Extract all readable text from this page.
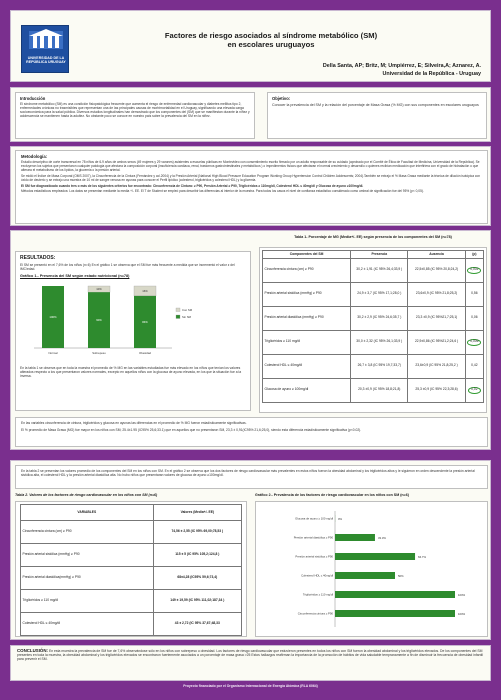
UNIVERSIDAD DE LA REPÚBLICA URUGUAY
Factores de riesgo asociados al síndrome metabólico (SM)
en escolares uruguayos
Della Santa, AP; Britz, M; Umpiérrez, E; Silveira,A; Aznarez, A.
Universidad de la República - Uruguay
Introducción
El síndrome metabólico (SM) es una condición fisiopatológica frecuente que aumenta el riesgo de enfermedad cardiovascular y diabetes mellitus tipo 2, enfermedades crónicas no trasmisibles que representan una de las principales causas de morbimortalidad en el Uruguay, significando una elevada carga socioeconómica para la salud pública. Diversos estudios longitudinales han demostrado que los componentes del (SM) que se manifiestan durante la niñez y adolescencia se mantienen hasta la adultez. No obstante poco se conoce en nuestro país sobre la prevalencia del SM en la niñez.
Objetivo:
Conocer la prevalencia del SM y la relación del porcentaje de Masa Grasa (% MG) con sus componentes en escolares uruguayos
Metodología:
Estudio descriptivo de corte transversal en 78 niños de 6-9 años de ambos sexos (49 mujeres y 29 varones) asistentes a escuelas públicas en Montevideo con consentimiento escrito firmado por un adulto responsable de su cuidado (aprobado por el Comité de Ética de Facultad de Medicina, Universidad de la República). Se excluyeron los sujetos que presentaron cualquier patología que afectara la composición corporal (insuficiencia cardíaca, renal, trastornos gastrointestinales y metabólicos ) o impedimentos físicos que afectaran el normal crecimiento y desarrollo o quienes recibían medicación que interfiriera con el grado de hidratación o que alterara el metabolismo de los lípidos, la glucemia o la presión arterial.
Se midió el Índice de Masa Corporal (OMS 2007), la Circunferencia de la Cintura (Fernández y col.2004) y la Presión Arterial (National High Blood Pressure Education Program Working Group Hypertension Control Children Adolescents; 2004).También se extrajo el % Masa Grasa mediante la técnica de dilución isotópica con óxido de deuterio y se extrajo una muestra de 10 ml de sangre venosa en ayunas para conocer el Perfil lipídico (colesterol, triglicéridos y colesterol HDL) y la glicemia.
El SM fue diagnosticado cuando tres o más de los siguientes criterios fue encontrado: Circunferencia de Cintura: ≥ P90, Presión Arterial ≥ P90, Triglicéridos ≥ 110mg/dl, Colesterol HDL ≤ 40mg/dl y Glucosa de ayuno ≥100mg/dl.
Métodos estadísticos empleados: Los datos se presentan mediante la media +/- EE. El T de Student se empleó para describir las diferencias al interior de la muestra. Para todos los casos el nivel de confianza estadístico considerado como umbral de significación fue del 95% (p< 0,05).
RESULTADOS:
El SM se presentó en el 7,6% de los niños (n=6) En el gráfico 1 se observa que el SM fue más frecuente a medida que se incrementó el valor z del IMC/edad.
Gráfico 1.- Presencia del SM según estado nutricional (n=78)
100%
Normal
10%
90%
Sobrepeso
16%
84%
Obesidad
Con SM
Sin SM
En la tabla 1 se observa que en toda la muestra el promedio de % MG en las variables estudiadas fue más elevado en los niños que tenían los valores alterados respecto a los que presentaron valores normales, excepto en aquellos niños con la glucosa de ayuno elevada, en los que la situación fue a la inversa.
Tabla 1- Porcentaje de MG (Media+/- EE) según presencia de los componentes del SM (n=78)
Componentes del SM	Presencia	Ausencia	(p)
Circunferencia cintura (cm) ≥ P90	30,2 ± 1,91 (IC 95% 26,4;33,9 )	22,5±0,85 (IC 95% 20,8;24,2)	0,002
Presión arterial sistólica (mmHg) ≥ P90	24,9 ± 3,7 (IC 95% 17,1;28,0 )	23,6±0,9 (IC 95% 21,8;25,2)	0,56
Presión arterial diastólica (mmHg) ≥ P90	30,2 ± 2,9 (IC 95% 24,6;35,7 )	23,3 ±0,9 (IC 95%21,7;25,1)	0,06
Triglicéridos ≥ 110 mg/dl	30,0 ± 2,32 (IC 95% 26,1;33,9 )	22,9±0,86 (IC 95%21,2;24,6 )	0,006
Colesterol HDL ≤ 40mg/dl	26,7 ± 3,8 (IC 95% 19,7;33,7)	23,6±0,9 (IC 95% 21,8;25,2 )	0,42
Glucosa de ayuno ≥ 100mg/dl	20,3 ±0,9 (IC 95% 18,8;21,8)	25,3 ±0,9 (IC 95% 22,3;28,6)	0,02
En las variables circunferencia de cintura, triglicéridos y glucosa en ayunas las diferencias en el promedio de % MG fueron estadísticamente significativas.
El % promedio de Masa Grasa (MG) fue mayor en los niños con SM; 25.4±1.95 (IC95% 25,6;33.1) que en aquellos que no presentaron SM, 23,3 ± 0,91(IC95% 21,6;25,0), siendo esta diferencia estadísticamente significativa (p<0.02).
En la tabla 2 se presentan los valores promedio de los componentes del SM en los niños con SM. En el gráfico 2 se observa que los dos factores de riesgo cardiovascular más prevalentes en estos niños fueron la obesidad abdominal y los triglicéridos altos y le siguieron en orden descendente la presión arterial sistólica alta, el colesterol HDL y la presión arterial diastólica alta. No hubo niños que presentaran valores de glucosa de ayuno ≥100mg/dl.
Tabla 2. Valores de los factores de riesgo cardiovascular en los niños con SM (n=6)
VARIABLES	Valores (Media+/- EE)
Circunferencia cintura (cm) ≥ P90	74,56 ± 2,55 (IC 95% 69,00;78,53 )
Presión arterial sistólica (mmHg) ≥ P90	115 ± 5 (IC 95% 105,2;124,8 )
Presión arterial diastólica(mmHg) ≥ P90	68±4,28 (IC95% 59,6;73,4)
Triglicéridos ≥ 110 mg/dl	149 ± 19,59 (IC 95% 111,02;187,34 )
Colesterol HDL ≤ 40mg/dl	43 ± 2,72 (IC 95% 37,67;48,33
Gráfico 2.- Prevalencia de los factores de riesgo cardiovascular en los niños con SM (n=6)
Glucosa de ayuno ≥ 100 mg/dl 0%
Presión arterial diastólica ≥ P90	33.3%
Presión arterial sistólica ≥ P90	66.7%
Colesterol HDL ≤ 40mg/dl	50%
Triglicéridos ≥ 110 mg/dl	100%
Circunferencia cintura ≥ P90	100%
CONCLUSIÓN: En esta muestra la prevalencia de SM fue de 7,6% observándose sólo en los niños con sobrepeso u obesidad. Los factores de riesgo cardiovascular que estuvieron presentes en todos los niños con SM fueron la obesidad abdominal y los triglicéridos elevados. De los componentes del SM presentes en toda la muestra, la obesidad abdominal y los triglicéridos elevados se encontraron fuertemente asociados a un porcentaje de masa grasa >25 Estos hallazgos reafirman la importancia de la promoción de hábitos de vida saludable tempranamente a fin de disminuir la frecuencia de obesidad infantil para prevenir el SM.
Proyecto financiado por el Organismo Internacional de Energía Atómica (RLA 6064)
